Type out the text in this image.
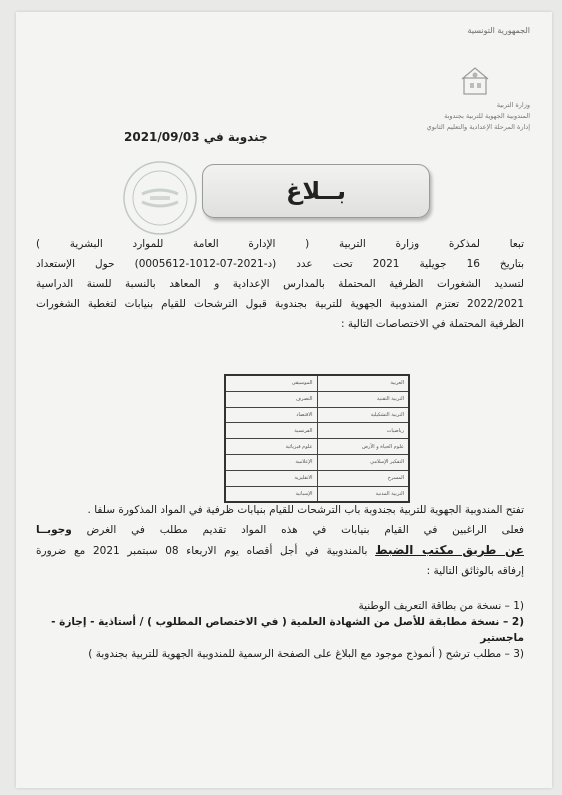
الجمهورية التونسية
وزارة التربية
المندوبية الجهوية للتربية بجندوبة
إدارة المرحلة الإعدادية والتعليم الثانوي
جندوبة في 2021/09/03
بــلاغ
تبعا لمذكرة وزارة التربية ( الإدارة العامة للموارد البشرية )
بتاريخ 16 جويلية 2021 تحت عدد (د-2021-07-1012-0005612) حول الإستعداد
لتسديد الشغورات الظرفية المحتملة بالمدارس الإعدادية و المعاهد بالنسبة للسنة الدراسية
2022/2021 تعتزم المندوبية الجهوية للتربية بجندوبة قبول الترشحات للقيام بنيابات لتغطية الشغورات
الظرفية المحتملة في الاختصاصات التالية :
العربية	الموسيقى
التربية التقنية	التصرف
التربية التشكيلية	الاقتصاد
رياضيات	الفرنسية
علوم الحياة و الأرض	علوم فيزيائية
التفكير الإسلامي	الإعلامية
المسرح	الانقليزية
التربية المدنية	الإسبانية
تفتح المندوبية الجهوية للتربية بجندوبة باب الترشحات للقيام بنيابات ظرفية في المواد المذكورة سلفا .
فعلى الراغبين في القيام بنيابات في هذه المواد تقديم مطلب في الغرض وجوبــا
عن طريق مكتب الضبط بالمندوبية في أجل أقصاه يوم الاربعاء 08 سبتمبر 2021 مع ضرورة
إرفاقه بالوثائق التالية :
1) – نسخة من بطاقة التعريف الوطنية
2) – نسخة مطابقة للأصل من الشهادة العلمية ( في الاختصاص المطلوب ) / أستاذية - إجازة - ماجستير
3) – مطلب ترشح ( أنموذج موجود مع البلاغ على الصفحة الرسمية للمندوبية الجهوية للتربية بجندوبة )
